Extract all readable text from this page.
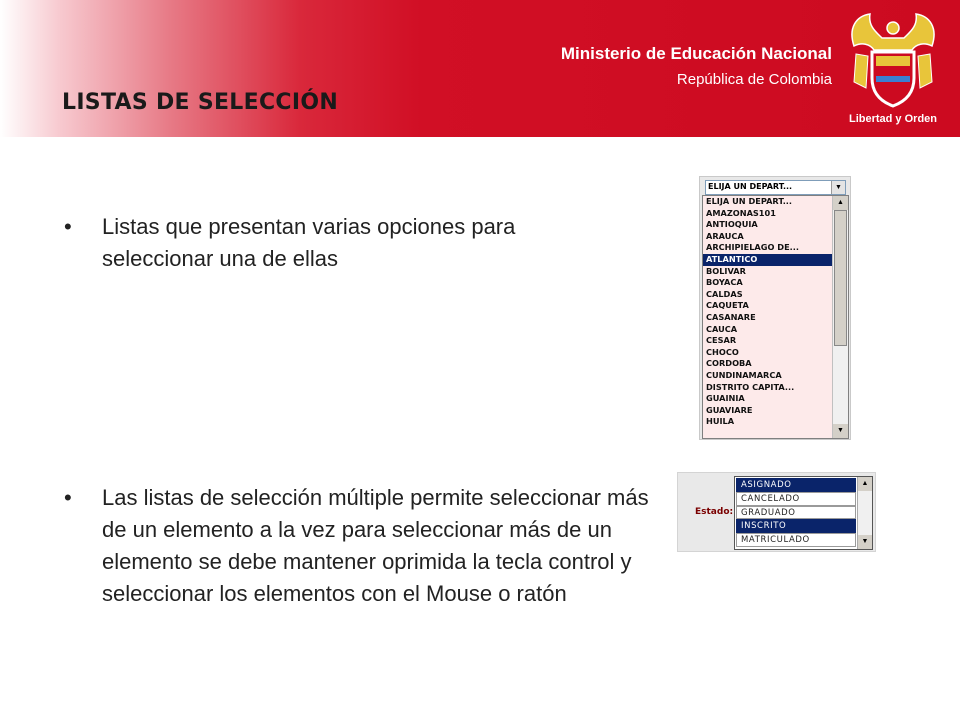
LISTAS DE SELECCIÓN
Ministerio de Educación Nacional
República de Colombia
Libertad y Orden
• Listas que presentan varias opciones para seleccionar una de ellas
• Las listas de selección múltiple permite seleccionar más de un elemento a la vez para seleccionar más de un elemento se debe mantener oprimida la tecla control y seleccionar los elementos con el Mouse o ratón
ELIJA UN DEPART...	▼
ELIJA UN DEPART...
AMAZONAS101
ANTIOQUIA
ARAUCA
ARCHIPIELAGO DE...
ATLANTICO
BOLIVAR
BOYACA
CALDAS
CAQUETA
CASANARE
CAUCA
CESAR
CHOCO
CORDOBA
CUNDINAMARCA
DISTRITO CAPITA...
GUAINIA
GUAVIARE
HUILA
▲
▼
Estado:
ASIGNADO
CANCELADO
GRADUADO
INSCRITO
MATRICULADO
▲
▼
